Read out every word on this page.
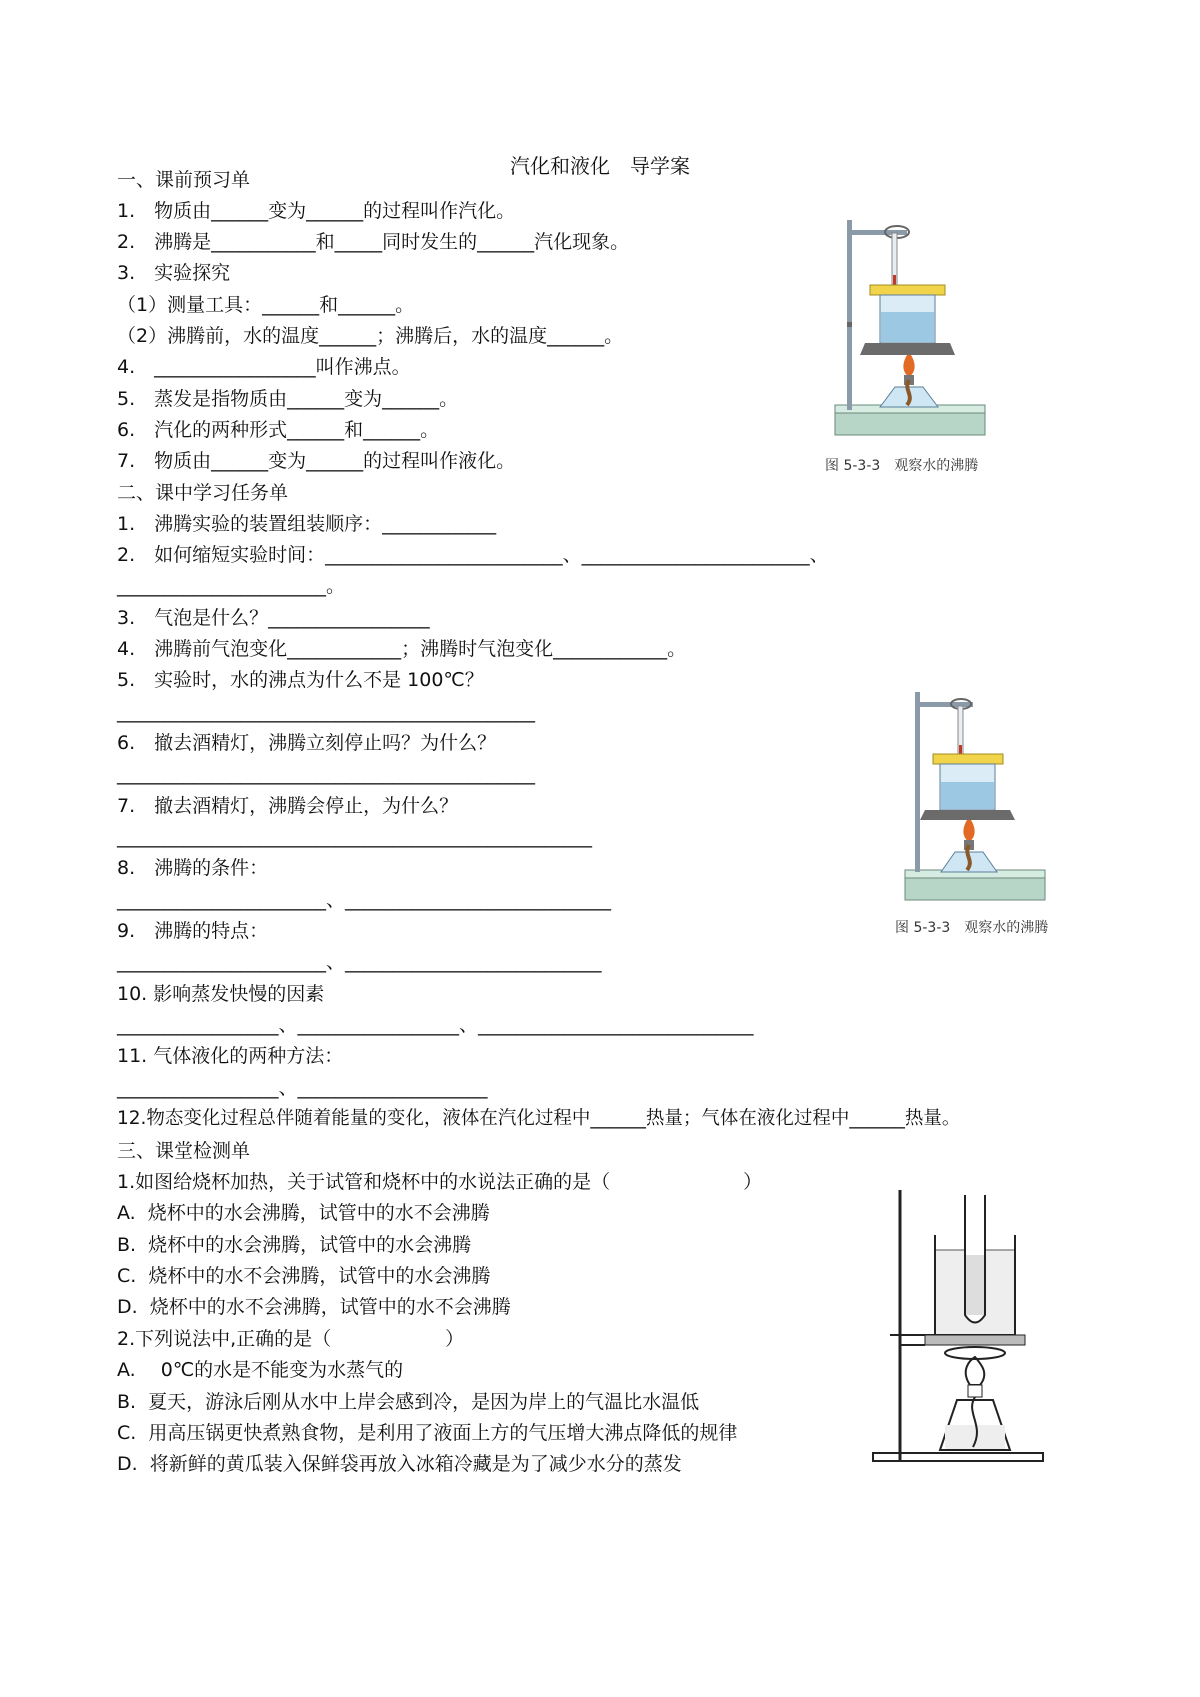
汽化和液化　导学案
一、课前预习单
1.　物质由______变为______的过程叫作汽化。
2.　沸腾是___________和_____同时发生的______汽化现象。
3.　实验探究
（1）测量工具：______和______。
（2）沸腾前，水的温度______；沸腾后，水的温度______。
4.　_________________叫作沸点。
5.　蒸发是指物质由______变为______。
6.　汽化的两种形式______和______。
7.　物质由______变为______的过程叫作液化。
二、课中学习任务单
1.　沸腾实验的装置组装顺序：____________
2.　如何缩短实验时间：_________________________、________________________、
______________________。
3.　气泡是什么？_________________
4.　沸腾前气泡变化____________；沸腾时气泡变化____________。
5.　实验时，水的沸点为什么不是 100℃？
____________________________________________
6.　撤去酒精灯，沸腾立刻停止吗？为什么？
____________________________________________
7.　撤去酒精灯，沸腾会停止，为什么？
__________________________________________________
8.　沸腾的条件：
______________________、____________________________
9.　沸腾的特点：
______________________、___________________________
10. 影响蒸发快慢的因素
_________________、_________________、_____________________________
11. 气体液化的两种方法：
_________________、____________________
12.物态变化过程总伴随着能量的变化，液体在汽化过程中______热量；气体在液化过程中______热量。
三、课堂检测单
1.如图给烧杯加热，关于试管和烧杯中的水说法正确的是（　　　　　　　）
A.  烧杯中的水会沸腾，试管中的水不会沸腾
B.  烧杯中的水会沸腾，试管中的水会沸腾
C.  烧杯中的水不会沸腾，试管中的水会沸腾
D.  烧杯中的水不会沸腾，试管中的水不会沸腾
2.下列说法中,正确的是（　　　　　　）
A.　 0℃的水是不能变为水蒸气的
B.  夏天，游泳后刚从水中上岸会感到冷，是因为岸上的气温比水温低
C.  用高压锅更快煮熟食物，是利用了液面上方的气压增大沸点降低的规律
D.  将新鲜的黄瓜装入保鲜袋再放入冰箱冷藏是为了减少水分的蒸发
图 5-3-3　观察水的沸腾
图 5-3-3　观察水的沸腾
